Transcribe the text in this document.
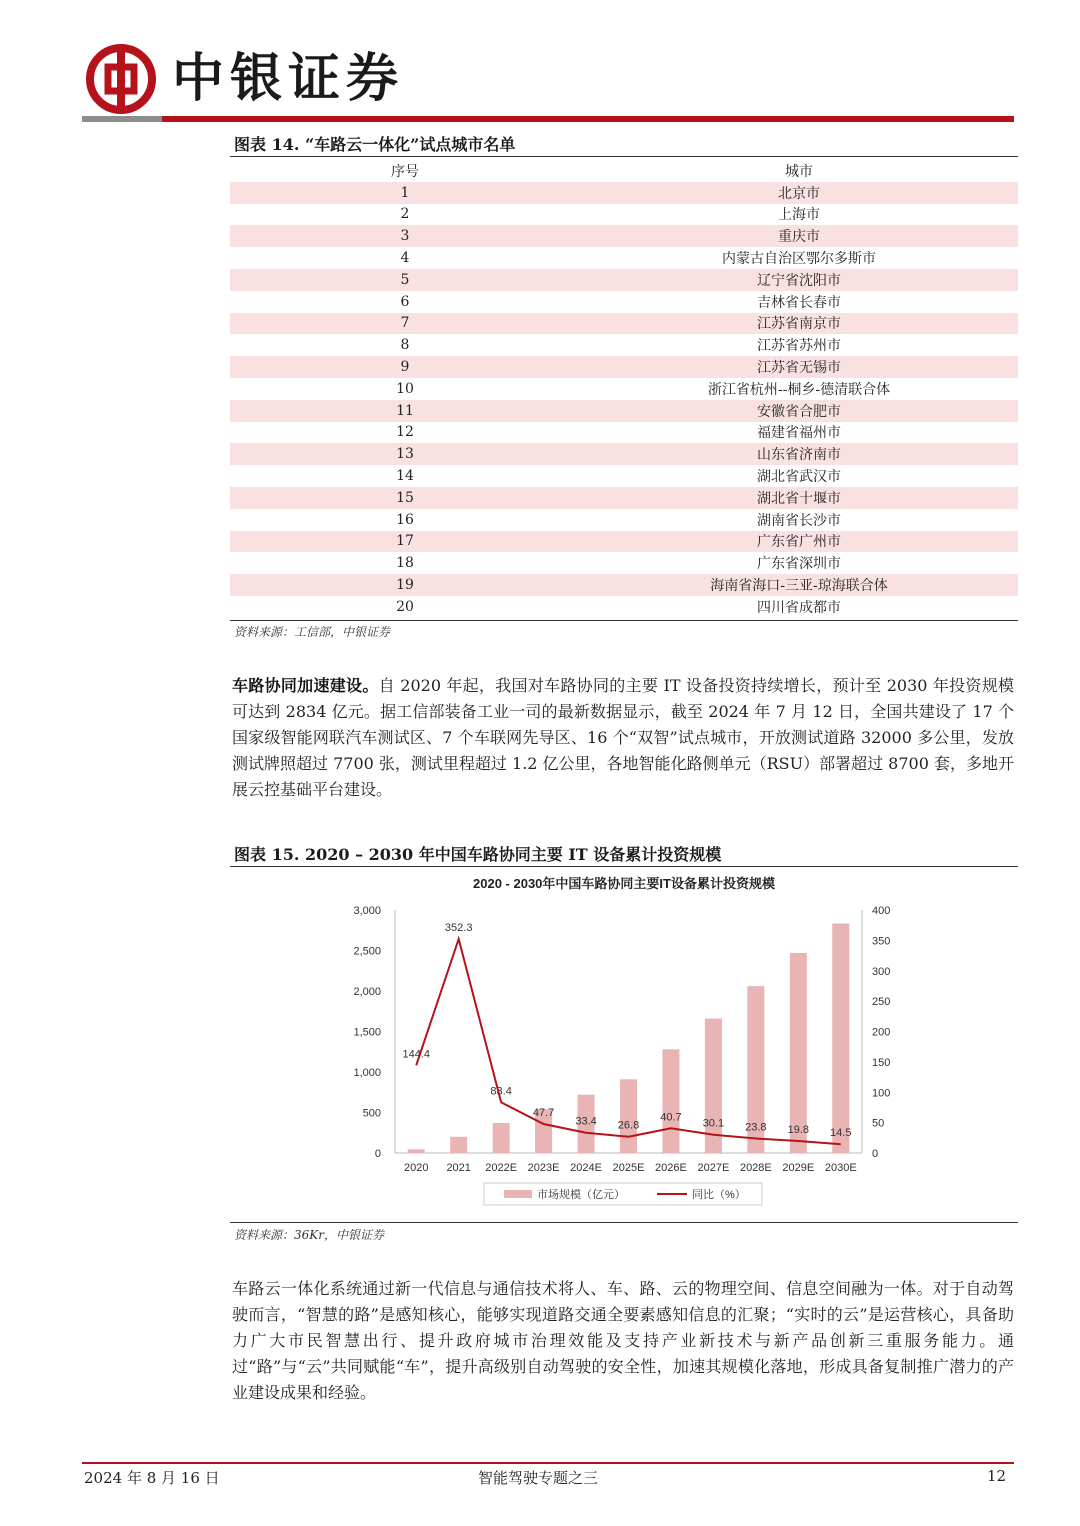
中银证券
图表 14. “车路云一体化”试点城市名单
序号	城市
1	北京市
2	上海市
3	重庆市
4	内蒙古自治区鄂尔多斯市
5	辽宁省沈阳市
6	吉林省长春市
7	江苏省南京市
8	江苏省苏州市
9	江苏省无锡市
10	浙江省杭州--桐乡-德清联合体
11	安徽省合肥市
12	福建省福州市
13	山东省济南市
14	湖北省武汉市
15	湖北省十堰市
16	湖南省长沙市
17	广东省广州市
18	广东省深圳市
19	海南省海口-三亚-琼海联合体
20	四川省成都市
资料来源：工信部，中银证券
车路协同加速建设。自 2020 年起，我国对车路协同的主要 IT 设备投资持续增长，预计至 2030 年投资规模可达到 2834 亿元。据工信部装备工业一司的最新数据显示，截至 2024 年 7 月 12 日，全国共建设了 17 个国家级智能网联汽车测试区、7 个车联网先导区、16 个“双智”试点城市，开放测试道路 32000 多公里，发放测试牌照超过 7700 张，测试里程超过 1.2 亿公里，各地智能化路侧单元（RSU）部署超过 8700 套，多地开展云控基础平台建设。
图表 15. 2020 – 2030 年中国车路协同主要 IT 设备累计投资规模
2020 - 2030年中国车路协同主要IT设备累计投资规模
0
500
1,000
1,500
2,000
2,500
3,000
0
50
100
150
200
250
300
350
400
2020 2021 2022E 2023E 2024E 2025E 2026E 2027E 2028E 2029E 2030E
144.4
352.3
83.4
47.7
33.4 26.8
40.7
30.1 23.8 19.8 14.5
市场规模（亿元）	同比（%）
资料来源：36Kr，中银证券
车路云一体化系统通过新一代信息与通信技术将人、车、路、云的物理空间、信息空间融为一体。对于自动驾驶而言，“智慧的路”是感知核心，能够实现道路交通全要素感知信息的汇聚；“实时的云”是运营核心，具备助力广大市民智慧出行、提升政府城市治理效能及支持产业新技术与新产品创新三重服务能力。通过“路”与“云”共同赋能“车”，提升高级别自动驾驶的安全性，加速其规模化落地，形成具备复制推广潜力的产业建设成果和经验。
2024 年 8 月 16 日	智能驾驶专题之三	12
